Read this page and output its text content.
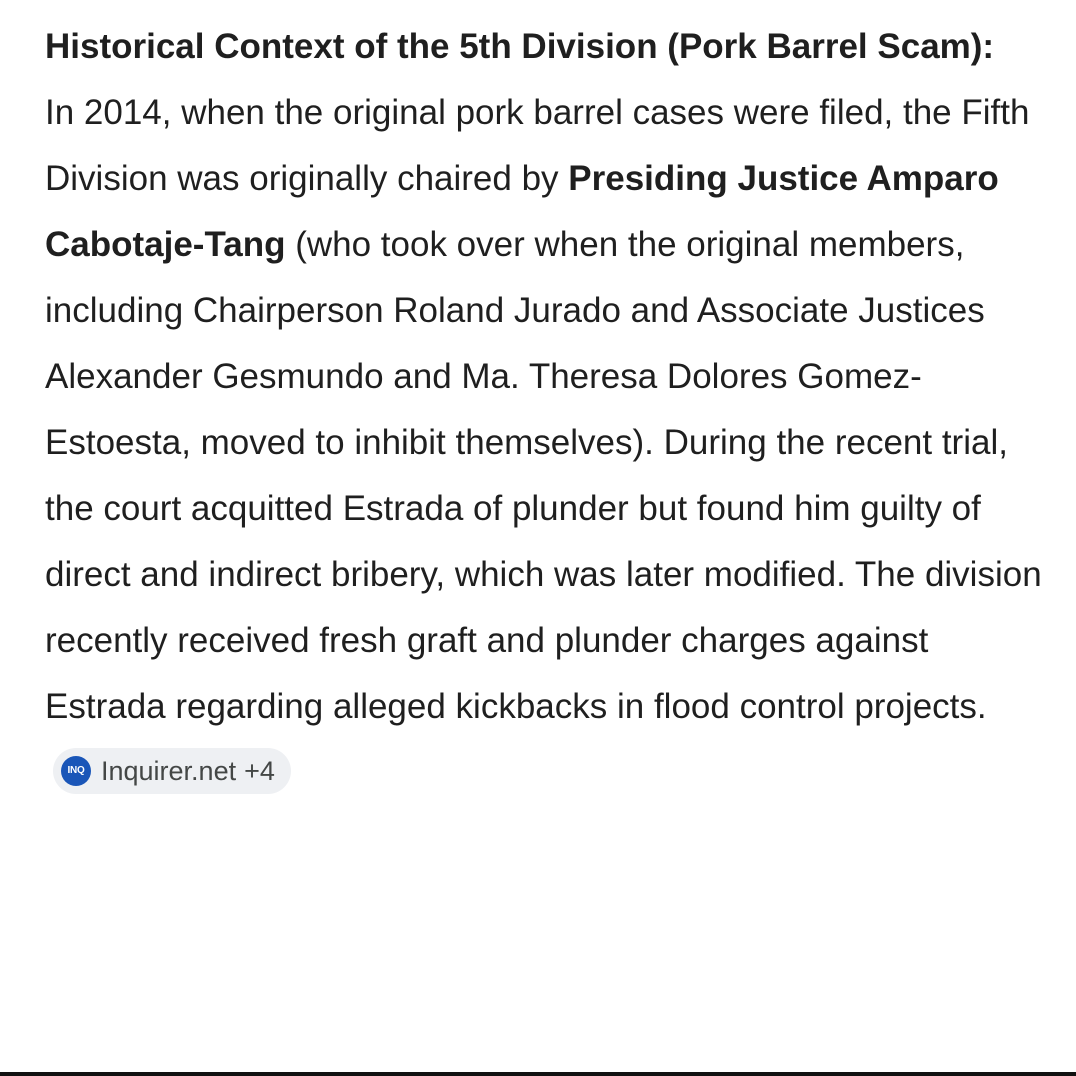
Historical Context of the 5th Division (Pork Barrel Scam):

In 2014, when the original pork barrel cases were filed, the Fifth Division was originally chaired by Presiding Justice Amparo Cabotaje-Tang (who took over when the original members, including Chairperson Roland Jurado and Associate Justices Alexander Gesmundo and Ma. Theresa Dolores Gomez-Estoesta, moved to inhibit themselves). During the recent trial, the court acquitted Estrada of plunder but found him guilty of direct and indirect bribery, which was later modified. The division recently received fresh graft and plunder charges against Estrada regarding alleged kickbacks in flood control projects.
INQ Inquirer.net +4
